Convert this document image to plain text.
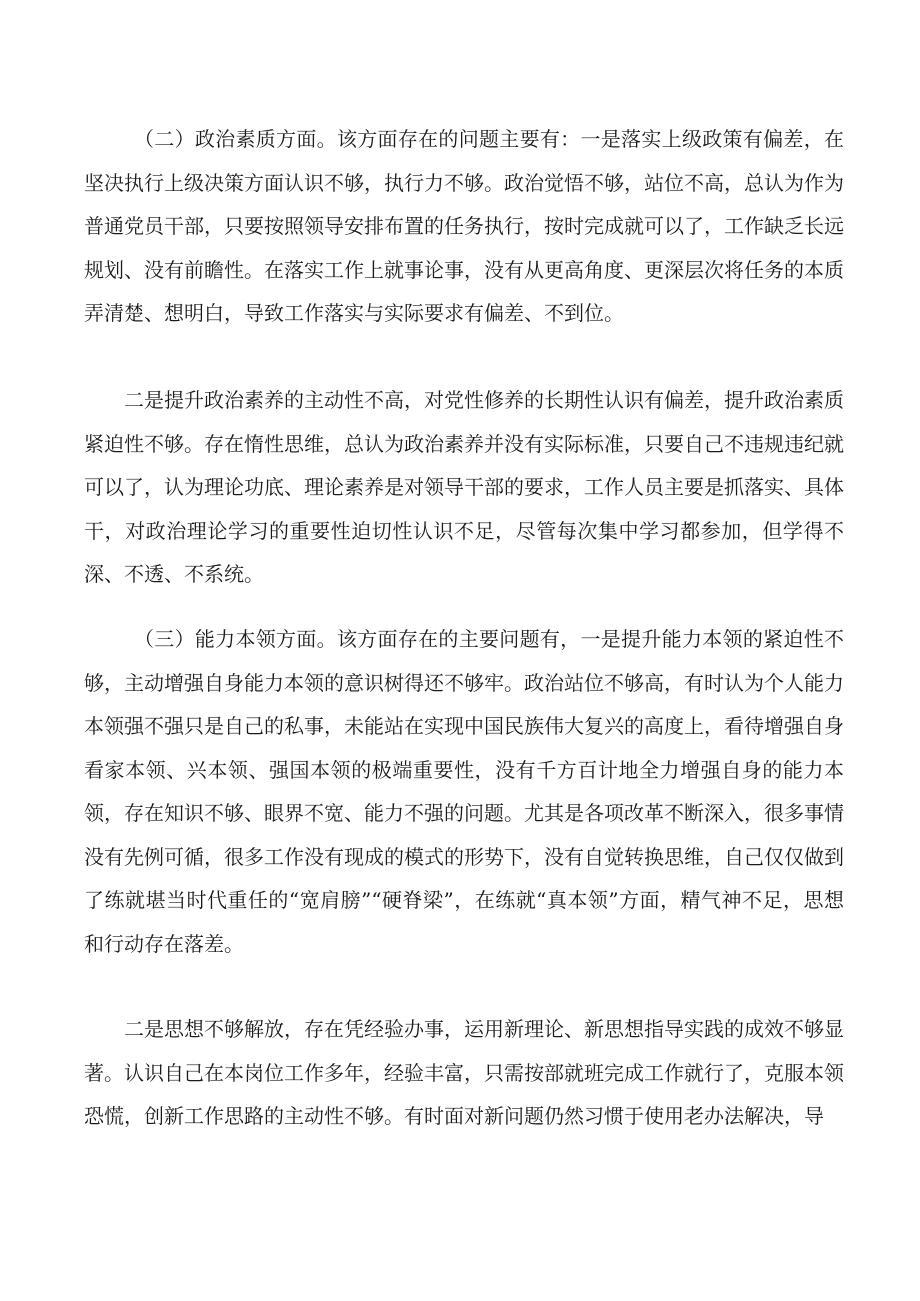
（二）政治素质方面。该方面存在的问题主要有：一是落实上级政策有偏差，在坚决执行上级决策方面认识不够，执行力不够。政治觉悟不够，站位不高，总认为作为普通党员干部，只要按照领导安排布置的任务执行，按时完成就可以了，工作缺乏长远规划、没有前瞻性。在落实工作上就事论事，没有从更高角度、更深层次将任务的本质弄清楚、想明白，导致工作落实与实际要求有偏差、不到位。

二是提升政治素养的主动性不高，对党性修养的长期性认识有偏差，提升政治素质紧迫性不够。存在惰性思维，总认为政治素养并没有实际标准，只要自己不违规违纪就可以了，认为理论功底、理论素养是对领导干部的要求，工作人员主要是抓落实、具体干，对政治理论学习的重要性迫切性认识不足，尽管每次集中学习都参加，但学得不深、不透、不系统。

（三）能力本领方面。该方面存在的主要问题有，一是提升能力本领的紧迫性不够，主动增强自身能力本领的意识树得还不够牢。政治站位不够高，有时认为个人能力本领强不强只是自己的私事，未能站在实现中国民族伟大复兴的高度上，看待增强自身看家本领、兴本领、强国本领的极端重要性，没有千方百计地全力增强自身的能力本领，存在知识不够、眼界不宽、能力不强的问题。尤其是各项改革不断深入，很多事情没有先例可循，很多工作没有现成的模式的形势下，没有自觉转换思维，自己仅仅做到了练就堪当时代重任的“宽肩膀”“硬脊梁”，在练就“真本领”方面，精气神不足，思想和行动存在落差。

二是思想不够解放，存在凭经验办事，运用新理论、新思想指导实践的成效不够显著。认识自己在本岗位工作多年，经验丰富，只需按部就班完成工作就行了，克服本领恐慌，创新工作思路的主动性不够。有时面对新问题仍然习惯于使用老办法解决，导
